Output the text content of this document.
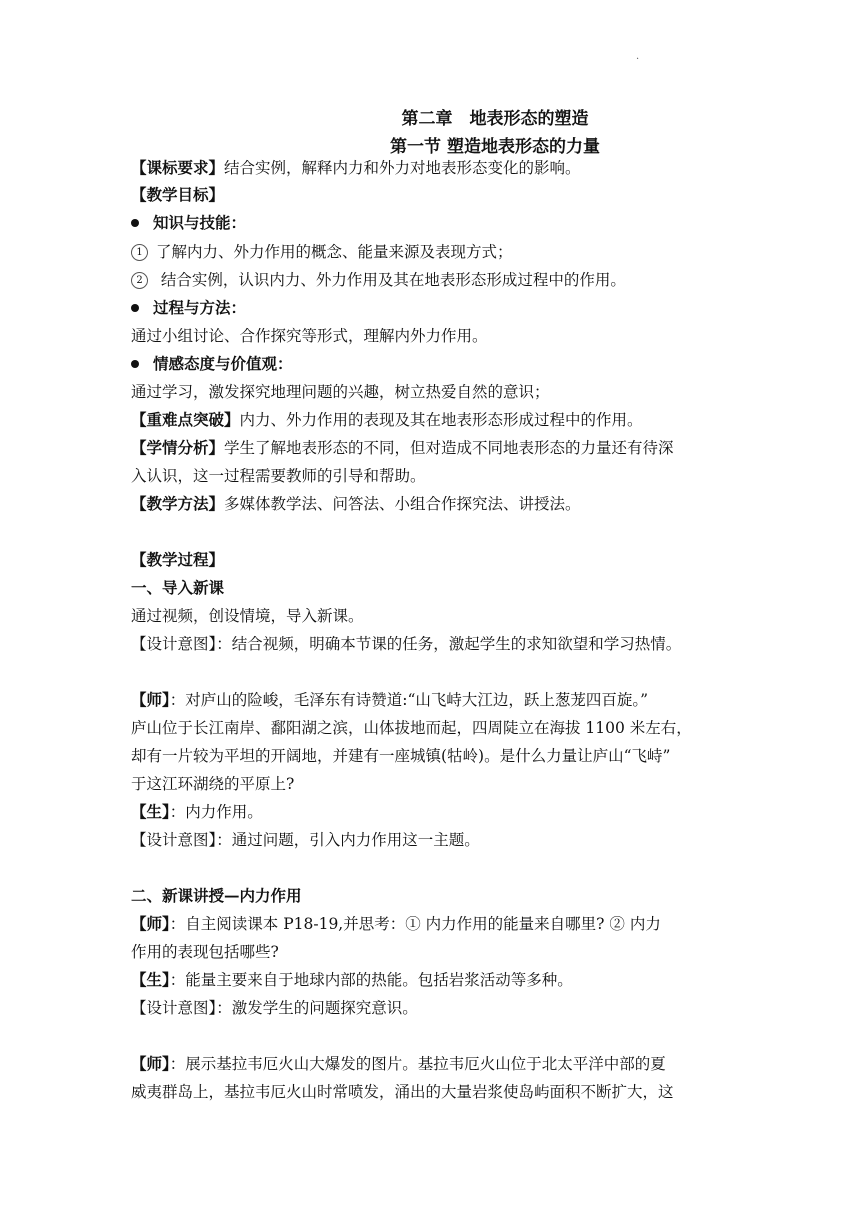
·
第二章　地表形态的塑造
第一节 塑造地表形态的力量
【课标要求】结合实例，解释内力和外力对地表形态变化的影响。
【教学目标】
知识与技能：
1 了解内力、外力作用的概念、能量来源及表现方式；
2 结合实例，认识内力、外力作用及其在地表形态形成过程中的作用。
过程与方法：
通过小组讨论、合作探究等形式，理解内外力作用。
情感态度与价值观：
通过学习，激发探究地理问题的兴趣，树立热爱自然的意识；
【重难点突破】内力、外力作用的表现及其在地表形态形成过程中的作用。
【学情分析】学生了解地表形态的不同，但对造成不同地表形态的力量还有待深
入认识，这一过程需要教师的引导和帮助。
【教学方法】多媒体教学法、问答法、小组合作探究法、讲授法。
【教学过程】
一、导入新课
通过视频，创设情境，导入新课。
【设计意图】：结合视频，明确本节课的任务，激起学生的求知欲望和学习热情。
【师】：对庐山的险峻，毛泽东有诗赞道:“山飞峙大江边，跃上葱茏四百旋。”
庐山位于长江南岸、鄱阳湖之滨，山体拔地而起，四周陡立在海拔 1100 米左右，
却有一片较为平坦的开阔地，并建有一座城镇(牯岭)。是什么力量让庐山“飞峙”
于这江环湖绕的平原上?
【生】：内力作用。
【设计意图】：通过问题，引入内力作用这一主题。
二、新课讲授—内力作用
【师】：自主阅读课本 P18-19,并思考：① 内力作用的能量来自哪里? ② 内力
作用的表现包括哪些?
【生】：能量主要来自于地球内部的热能。包括岩浆活动等多种。
【设计意图】：激发学生的问题探究意识。
【师】：展示基拉韦厄火山大爆发的图片。基拉韦厄火山位于北太平洋中部的夏
威夷群岛上，基拉韦厄火山时常喷发，涌出的大量岩浆使岛屿面积不断扩大，这
